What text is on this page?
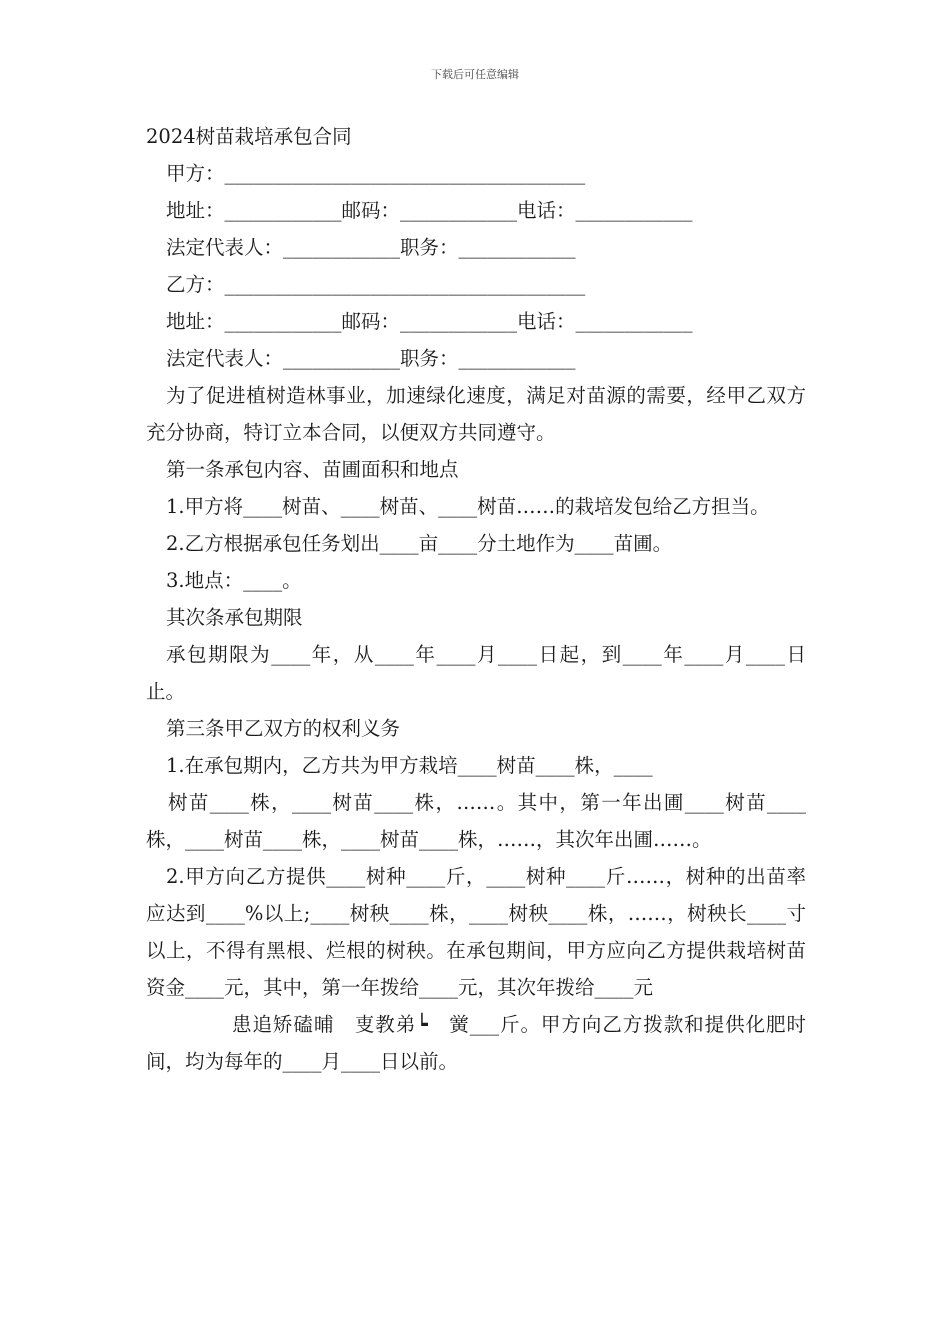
下载后可任意编辑
2024树苗栽培承包合同
甲方：_____________________________________
地址：____________邮码：____________电话：____________
法定代表人：____________职务：____________
乙方：_____________________________________
地址：____________邮码：____________电话：____________
法定代表人：____________职务：____________
为了促进植树造林事业，加速绿化速度，满足对苗源的需要，经甲乙双方充分协商，特订立本合同，以便双方共同遵守。
第一条承包内容、苗圃面积和地点
1.甲方将____树苗、____树苗、____树苗……的栽培发包给乙方担当。
2.乙方根据承包任务划出____亩____分土地作为____苗圃。
3.地点：____。
其次条承包期限
承包期限为____年，从____年____月____日起，到____年____月____日止。
第三条甲乙双方的权利义务
1.在承包期内，乙方共为甲方栽培____树苗____株，____
树苗____株，____树苗____株，……。其中，第一年出圃____树苗____株，____树苗____株，____树苗____株，……，其次年出圃……。
2.甲方向乙方提供____树种____斤，____树种____斤……，树种的出苗率应达到____%以上;____树秧____株，____树秧____株，……，树秧长____寸以上，不得有黑根、烂根的树秧。在承包期间，甲方应向乙方提供栽培树苗资金____元，其中，第一年拨给____元，其次年拨给____元
患追矫磕晡　叓教弟┕　黉___斤。甲方向乙方拨款和提供化肥时间，均为每年的____月____日以前。
